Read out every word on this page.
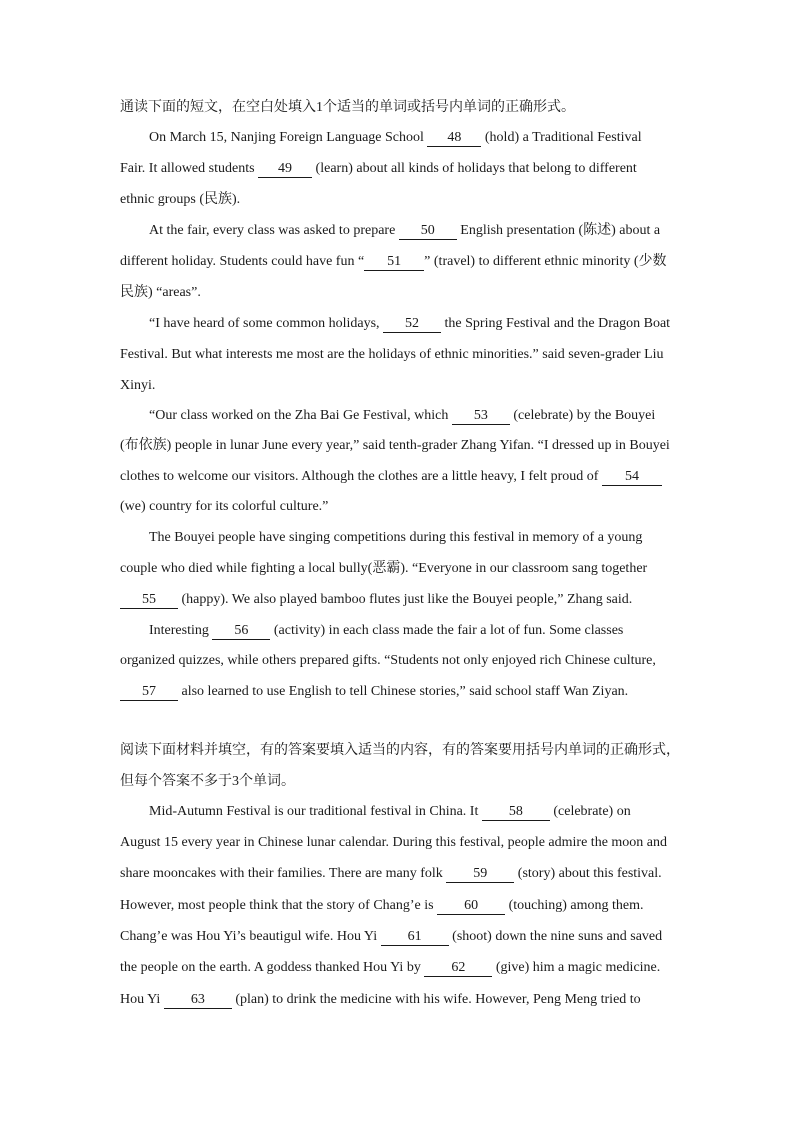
通读下面的短文，在空白处填入1个适当的单词或括号内单词的正确形式。
On March 15, Nanjing Foreign Language School 48 (hold) a Traditional Festival
Fair. It allowed students 49 (learn) about all kinds of holidays that belong to different
ethnic groups (民族).
At the fair, every class was asked to prepare 50 English presentation (陈述) about a
different holiday. Students could have fun “ 51 ” (travel) to different ethnic minority (少数
民族) “areas”.
“I have heard of some common holidays, 52 the Spring Festival and the Dragon Boat
Festival. But what interests me most are the holidays of ethnic minorities.” said seven-grader Liu
Xinyi.
“Our class worked on the Zha Bai Ge Festival, which 53 (celebrate) by the Bouyei
(布依族) people in lunar June every year,” said tenth-grader Zhang Yifan. “I dressed up in Bouyei
clothes to welcome our visitors. Although the clothes are a little heavy, I felt proud of 54
(we) country for its colorful culture.”
The Bouyei people have singing competitions during this festival in memory of a young
couple who died while fighting a local bully(恶霸). “Everyone in our classroom sang together
55 (happy). We also played bamboo flutes just like the Bouyei people,” Zhang said.
Interesting 56 (activity) in each class made the fair a lot of fun. Some classes
organized quizzes, while others prepared gifts. “Students not only enjoyed rich Chinese culture,
57 also learned to use English to tell Chinese stories,” said school staff Wan Ziyan.
阅读下面材料并填空，有的答案要填入适当的内容，有的答案要用括号内单词的正确形式，
但每个答案不多于3个单词。
Mid-Autumn Festival is our traditional festival in China. It 58 (celebrate) on
August 15 every year in Chinese lunar calendar. During this festival, people admire the moon and
share mooncakes with their families. There are many folk 59 (story) about this festival.
However, most people think that the story of Chang’e is 60 (touching) among them.
Chang’e was Hou Yi’s beautigul wife. Hou Yi 61 (shoot) down the nine suns and saved
the people on the earth. A goddess thanked Hou Yi by 62 (give) him a magic medicine.
Hou Yi 63 (plan) to drink the medicine with his wife. However, Peng Meng tried to
